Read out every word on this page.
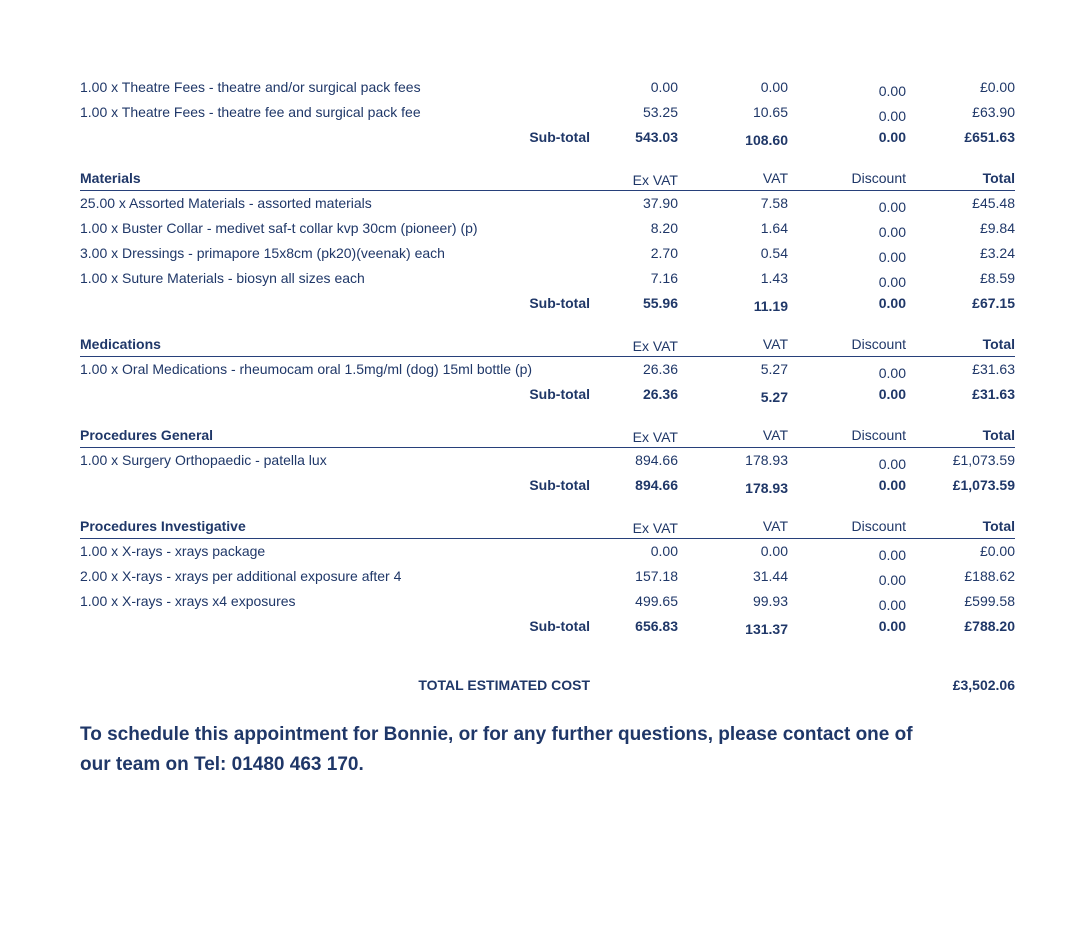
1.00 x Theatre Fees - theatre and/or surgical pack fees	0.00	0.00	0.00	£0.00
1.00 x Theatre Fees - theatre fee and surgical pack fee	53.25	10.65	0.00	£63.90
Sub-total	543.03	108.60	0.00	£651.63
Materials	Ex VAT	VAT	Discount	Total
25.00 x Assorted Materials - assorted materials	37.90	7.58	0.00	£45.48
1.00 x Buster Collar - medivet saf-t collar kvp 30cm (pioneer) (p)	8.20	1.64	0.00	£9.84
3.00 x Dressings - primapore 15x8cm (pk20)(veenak) each	2.70	0.54	0.00	£3.24
1.00 x Suture Materials - biosyn all sizes each	7.16	1.43	0.00	£8.59
Sub-total	55.96	11.19	0.00	£67.15
Medications	Ex VAT	VAT	Discount	Total
1.00 x Oral Medications - rheumocam oral 1.5mg/ml (dog) 15ml bottle (p)	26.36	5.27	0.00	£31.63
Sub-total	26.36	5.27	0.00	£31.63
Procedures General	Ex VAT	VAT	Discount	Total
1.00 x Surgery Orthopaedic - patella lux	894.66	178.93	0.00	£1,073.59
Sub-total	894.66	178.93	0.00	£1,073.59
Procedures Investigative	Ex VAT	VAT	Discount	Total
1.00 x X-rays - xrays package	0.00	0.00	0.00	£0.00
2.00 x X-rays - xrays per additional exposure after 4	157.18	31.44	0.00	£188.62
1.00 x X-rays - xrays x4 exposures	499.65	99.93	0.00	£599.58
Sub-total	656.83	131.37	0.00	£788.20
TOTAL ESTIMATED COST	£3,502.06

To schedule this appointment for Bonnie, or for any further questions, please contact one of our team on Tel: 01480 463 170.
